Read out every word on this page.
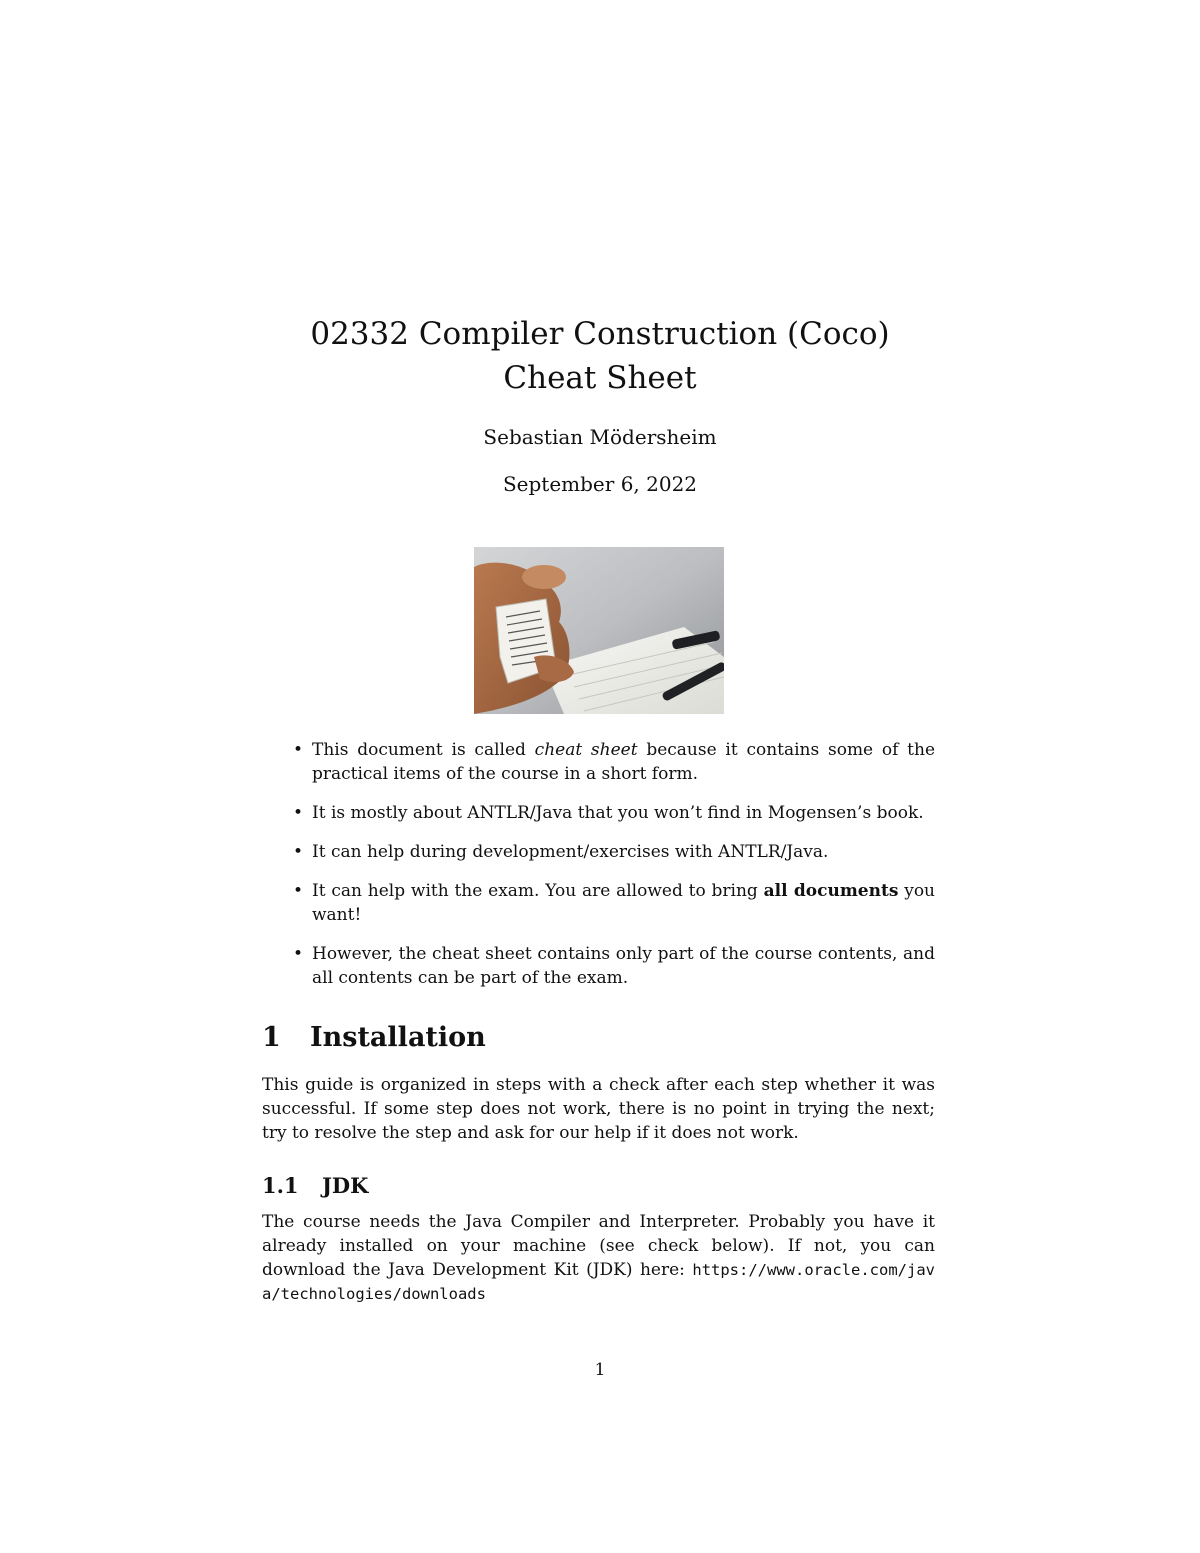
02332 Compiler Construction (Coco)
Cheat Sheet
Sebastian Mödersheim
September 6, 2022
• This document is called cheat sheet because it contains some of the practical items of the course in a short form.
• It is mostly about ANTLR/Java that you won’t find in Mogensen’s book.
• It can help during development/exercises with ANTLR/Java.
• It can help with the exam. You are allowed to bring all documents you want!
• However, the cheat sheet contains only part of the course contents, and all contents can be part of the exam.
1 Installation

This guide is organized in steps with a check after each step whether it was successful. If some step does not work, there is no point in trying the next; try to resolve the step and ask for our help if it does not work.

1.1 JDK

The course needs the Java Compiler and Interpreter. Probably you have it already installed on your machine (see check below). If not, you can download the Java Development Kit (JDK) here: https://www.oracle.com/java/technologies/downloads

1
